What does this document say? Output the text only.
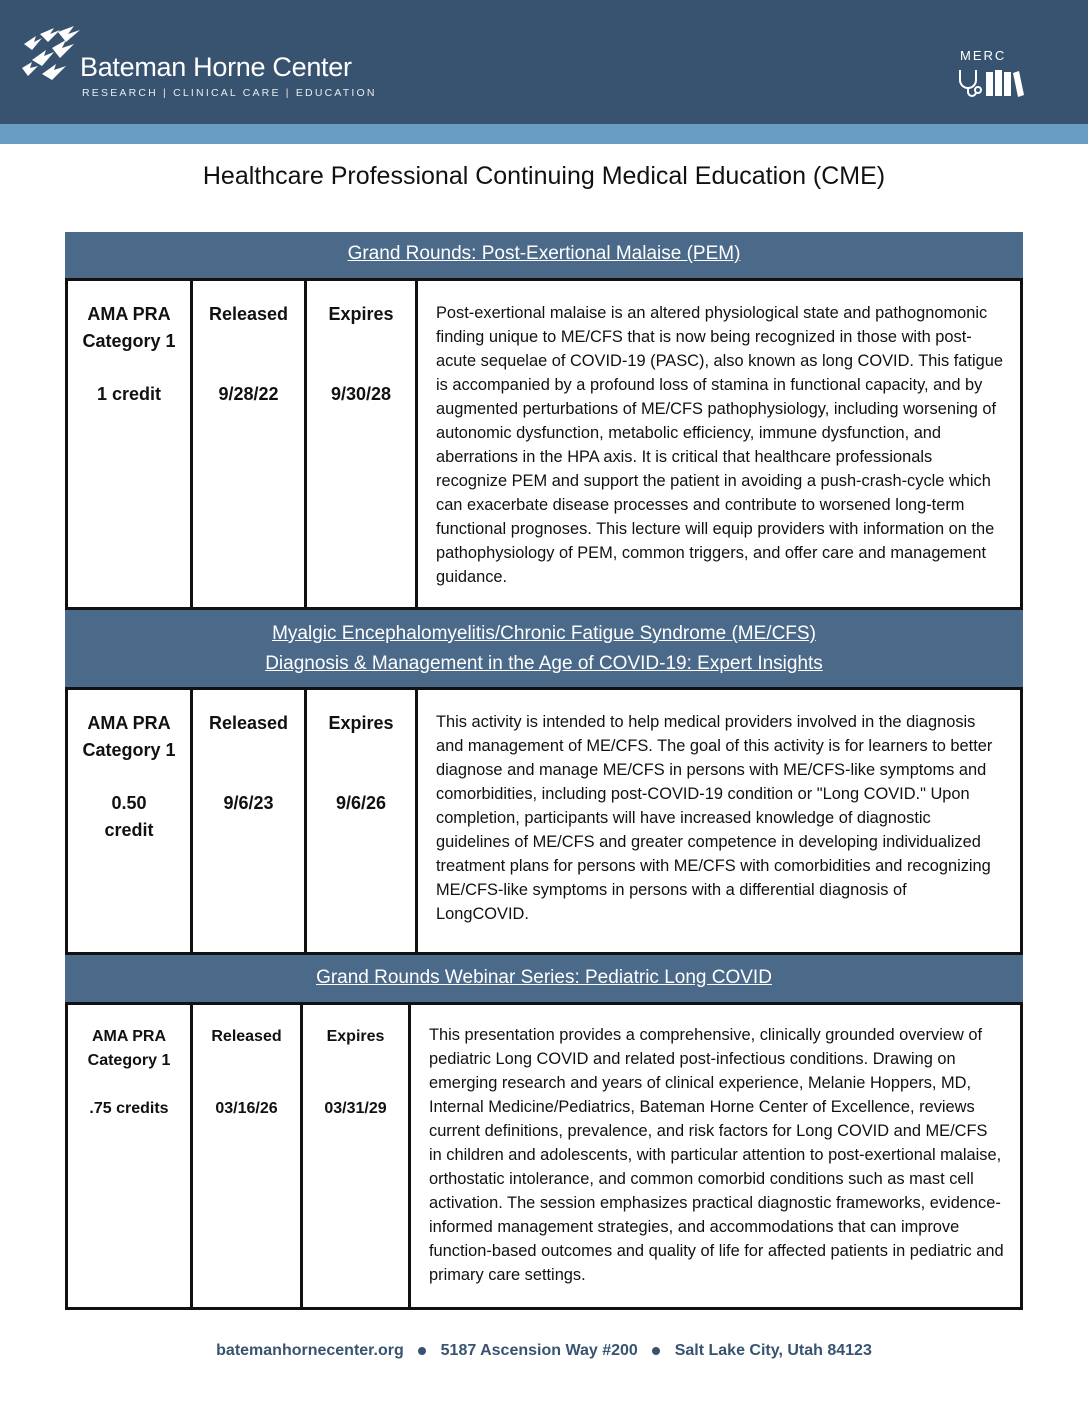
Bateman Horne Center
RESEARCH | CLINICAL CARE | EDUCATION
MERC
Healthcare Professional Continuing Medical Education (CME)
Grand Rounds: Post-Exertional Malaise (PEM)
AMA PRA Category 1
1 credit
Released
9/28/22
Expires
9/30/28
Post-exertional malaise is an altered physiological state and pathognomonic finding unique to ME/CFS that is now being recognized in those with post-acute sequelae of COVID-19 (PASC), also known as long COVID. This fatigue is accompanied by a profound loss of stamina in functional capacity, and by augmented perturbations of ME/CFS pathophysiology, including worsening of autonomic dysfunction, metabolic efficiency, immune dysfunction, and aberrations in the HPA axis. It is critical that healthcare professionals recognize PEM and support the patient in avoiding a push-crash-cycle which can exacerbate disease processes and contribute to worsened long-term functional prognoses. This lecture will equip providers with information on the pathophysiology of PEM, common triggers, and offer care and management guidance.
Myalgic Encephalomyelitis/Chronic Fatigue Syndrome (ME/CFS)
Diagnosis & Management in the Age of COVID-19: Expert Insights
AMA PRA Category 1
0.50 credit
Released
9/6/23
Expires
9/6/26
This activity is intended to help medical providers involved in the diagnosis and management of ME/CFS. The goal of this activity is for learners to better diagnose and manage ME/CFS in persons with ME/CFS-like symptoms and comorbidities, including post-COVID-19 condition or "Long COVID." Upon completion, participants will have increased knowledge of diagnostic guidelines of ME/CFS and greater competence in developing individualized treatment plans for persons with ME/CFS with comorbidities and recognizing ME/CFS-like symptoms in persons with a differential diagnosis of LongCOVID.
Grand Rounds Webinar Series: Pediatric Long COVID
AMA PRA Category 1
.75 credits
Released
03/16/26
Expires
03/31/29
This presentation provides a comprehensive, clinically grounded overview of pediatric Long COVID and related post-infectious conditions. Drawing on emerging research and years of clinical experience, Melanie Hoppers, MD, Internal Medicine/Pediatrics, Bateman Horne Center of Excellence, reviews current definitions, prevalence, and risk factors for Long COVID and ME/CFS in children and adolescents, with particular attention to post-exertional malaise, orthostatic intolerance, and common comorbid conditions such as mast cell activation. The session emphasizes practical diagnostic frameworks, evidence-informed management strategies, and accommodations that can improve function-based outcomes and quality of life for affected patients in pediatric and primary care settings.
batemanhornecenter.org 5187 Ascension Way #200 Salt Lake City, Utah 84123
